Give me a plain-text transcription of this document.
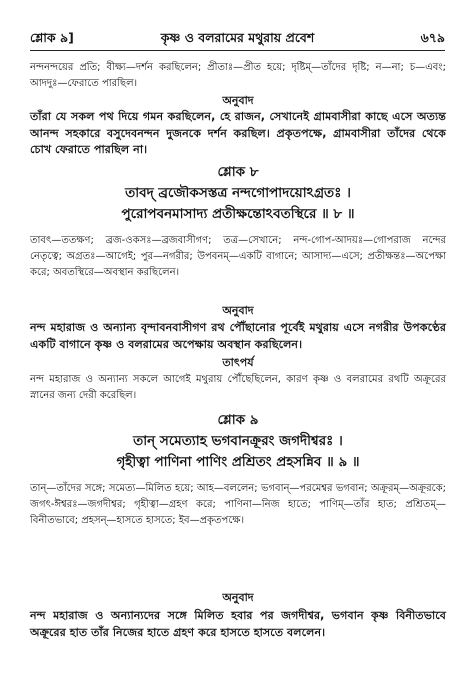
শ্লোক ৯]	কৃষ্ণ ও বলরামের মথুরায় প্রবেশ	৬৭৯
নন্দনন্দয়ের প্রতি; বীক্ষ্য—দর্শন করছিলেন; প্রীতাঃ—প্রীত হয়ে; দৃষ্টিম্—তাঁদের দৃষ্টি; ন—না; চ—এবং; আদদুঃ—ফেরাতে পারছিল।
অনুবাদ
তাঁরা যে সকল পথ দিয়ে গমন করছিলেন, হে রাজন, সেখানেই গ্রামবাসীরা কাছে এসে অত্যন্ত আনন্দ সহকারে বসুদেবনন্দন দুজনকে দর্শন করছিল। প্রকৃতপক্ষে, গ্রামবাসীরা তাঁদের থেকে চোখ ফেরাতে পারছিল না।
শ্লোক ৮
তাবদ্ ব্রজৌকসস্তত্র নন্দগোপাদয়োঽগ্রতঃ ।
পুরোপবনমাসাদ্য প্রতীক্ষন্তোঽবতস্থিরে ॥ ৮ ॥
তাবৎ—ততক্ষণ; ব্রজ-ওকসঃ—ব্রজবাসীগণ; তত্র—সেখানে; নন্দ-গোপ-আদয়ঃ—গোপরাজ নন্দের নেতৃত্বে; অগ্রতঃ—আগেই; পুর—নগরীর; উপবনম্—একটি বাগানে; আসাদ্য—এসে; প্রতীক্ষন্তঃ—অপেক্ষা করে; অবতস্থিরে—অবস্থান করছিলেন।
অনুবাদ
নন্দ মহারাজ ও অন্যান্য বৃন্দাবনবাসীগণ রথ পৌঁছানোর পূর্বেই মথুরায় এসে নগরীর উপকণ্ঠের একটি বাগানে কৃষ্ণ ও বলরামের অপেক্ষায় অবস্থান করছিলেন।
তাৎপর্য
নন্দ মহারাজ ও অন্যান্য সকলে আগেই মথুরায় পৌঁছেছিলেন, কারণ কৃষ্ণ ও বলরামের রথটি অক্রূরের স্নানের জন্য দেরী করেছিল।
শ্লোক ৯
তান্ সমেত্যাহ ভগবানক্রূরং জগদীশ্বরঃ ।
গৃহীত্বা পাণিনা পাণিং প্রশ্রিতং প্রহসন্নিব ॥ ৯ ॥
তান্—তাঁদের সঙ্গে; সমেত্য—মিলিত হয়ে; আহ—বললেন; ভগবান্—পরমেশ্বর ভগবান; অক্রূরম্—অক্রূরকে; জগৎ-ঈশ্বরঃ—জগদীশ্বর; গৃহীত্বা—গ্রহণ করে; পাণিনা—নিজ হাতে; পাণিম্—তাঁর হাত; প্রশ্রিতম্—বিনীতভাবে; প্রহসন্—হাসতে হাসতে; ইব—প্রকৃতপক্ষে।
অনুবাদ
নন্দ মহারাজ ও অন্যান্যদের সঙ্গে মিলিত হবার পর জগদীশ্বর, ভগবান কৃষ্ণ বিনীতভাবে অক্রূরের হাত তাঁর নিজের হাতে গ্রহণ করে হাসতে হাসতে বললেন।
